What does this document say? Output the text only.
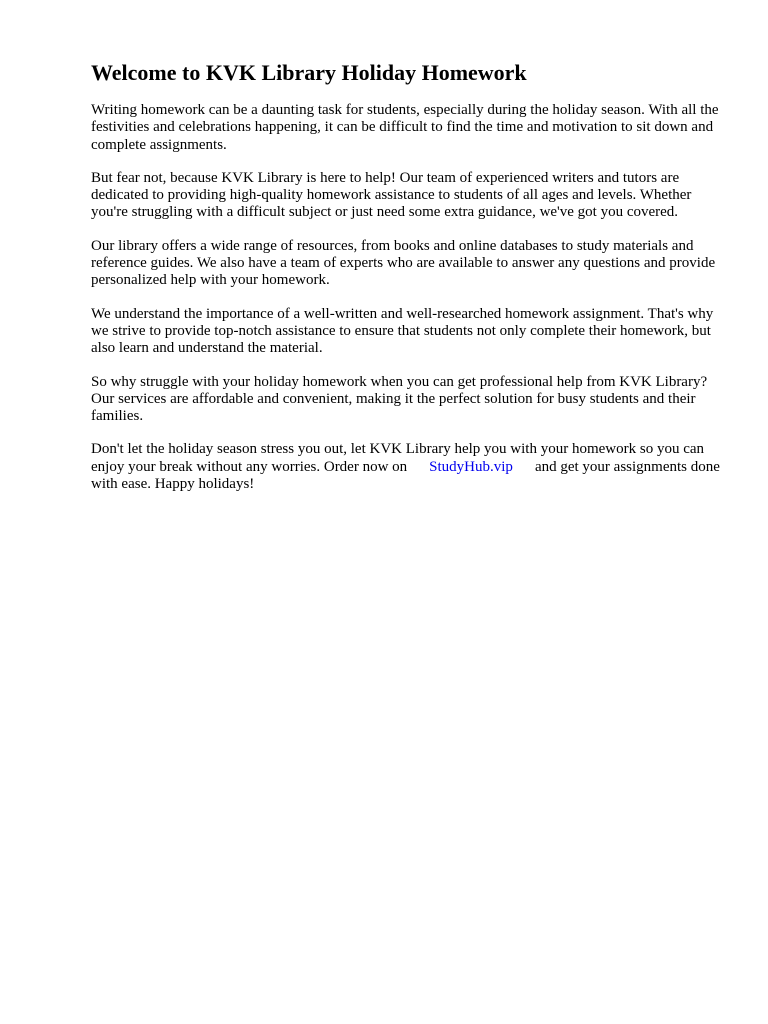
Welcome to KVK Library Holiday Homework

Writing homework can be a daunting task for students, especially during the holiday season. With all the festivities and celebrations happening, it can be difficult to find the time and motivation to sit down and complete assignments.

But fear not, because KVK Library is here to help! Our team of experienced writers and tutors are dedicated to providing high-quality homework assistance to students of all ages and levels. Whether you're struggling with a difficult subject or just need some extra guidance, we've got you covered.

Our library offers a wide range of resources, from books and online databases to study materials and reference guides. We also have a team of experts who are available to answer any questions and provide personalized help with your homework.

We understand the importance of a well-written and well-researched homework assignment. That's why we strive to provide top-notch assistance to ensure that students not only complete their homework, but also learn and understand the material.

So why struggle with your holiday homework when you can get professional help from KVK Library? Our services are affordable and convenient, making it the perfect solution for busy students and their families.

Don't let the holiday season stress you out, let KVK Library help you with your homework so you can enjoy your break without any worries. Order now on StudyHub.vip and get your assignments done with ease. Happy holidays!
